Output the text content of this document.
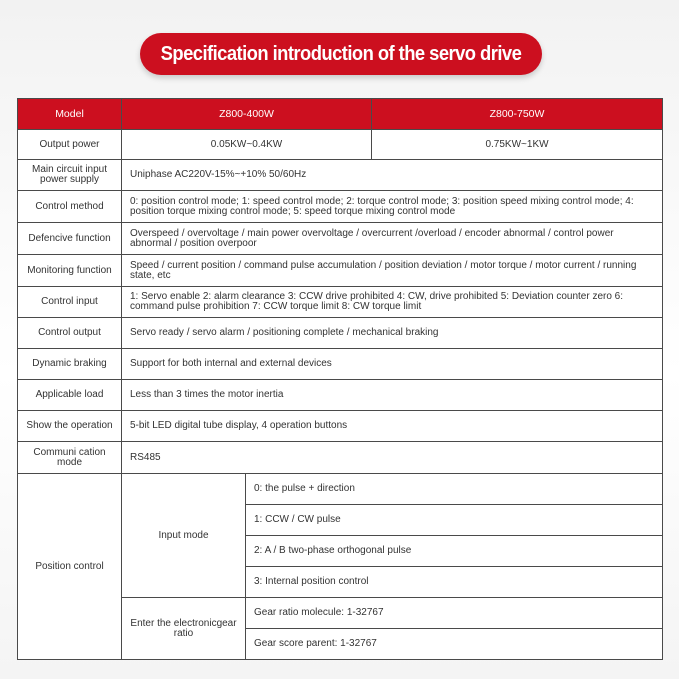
Specification introduction of the servo drive
Model	Z800-400W		Z800-750W
Output power	0.05KW~0.4KW		0.75KW~1KW
Main circuit input power supply	Uniphase AC220V-15%~+10% 50/60Hz		
Control method	0: position control mode; 1: speed control mode; 2: torque control mode; 3: position speed mixing control mode; 4: position torque mixing control mode; 5: speed torque mixing control mode		
Defencive function	Overspeed / overvoltage / main power overvoltage / overcurrent /overload / encoder abnormal / control power abnormal / position overpoor		
Monitoring function	Speed / current position / command pulse accumulation / position deviation / motor torque / motor current / running state, etc		
Control input	1: Servo enable 2: alarm clearance 3: CCW drive prohibited 4: CW, drive prohibited 5: Deviation counter zero 6: command pulse prohibition 7: CCW torque limit 8: CW torque limit		
Control output	Servo ready / servo alarm / positioning complete / mechanical braking		
Dynamic braking	Support for both internal and external devices		
Applicable load	Less than 3 times the motor inertia		
Show the operation	5-bit LED digital tube display, 4 operation buttons		
Communi cation mode	RS485		
Position control	Input mode	0: the pulse + direction	
		1: CCW / CW pulse	
		2: A / B two-phase orthogonal pulse	
		3: Internal position control	
	Enter the electronicgear ratio	Gear ratio molecule: 1-32767	
		Gear score parent: 1-32767	
